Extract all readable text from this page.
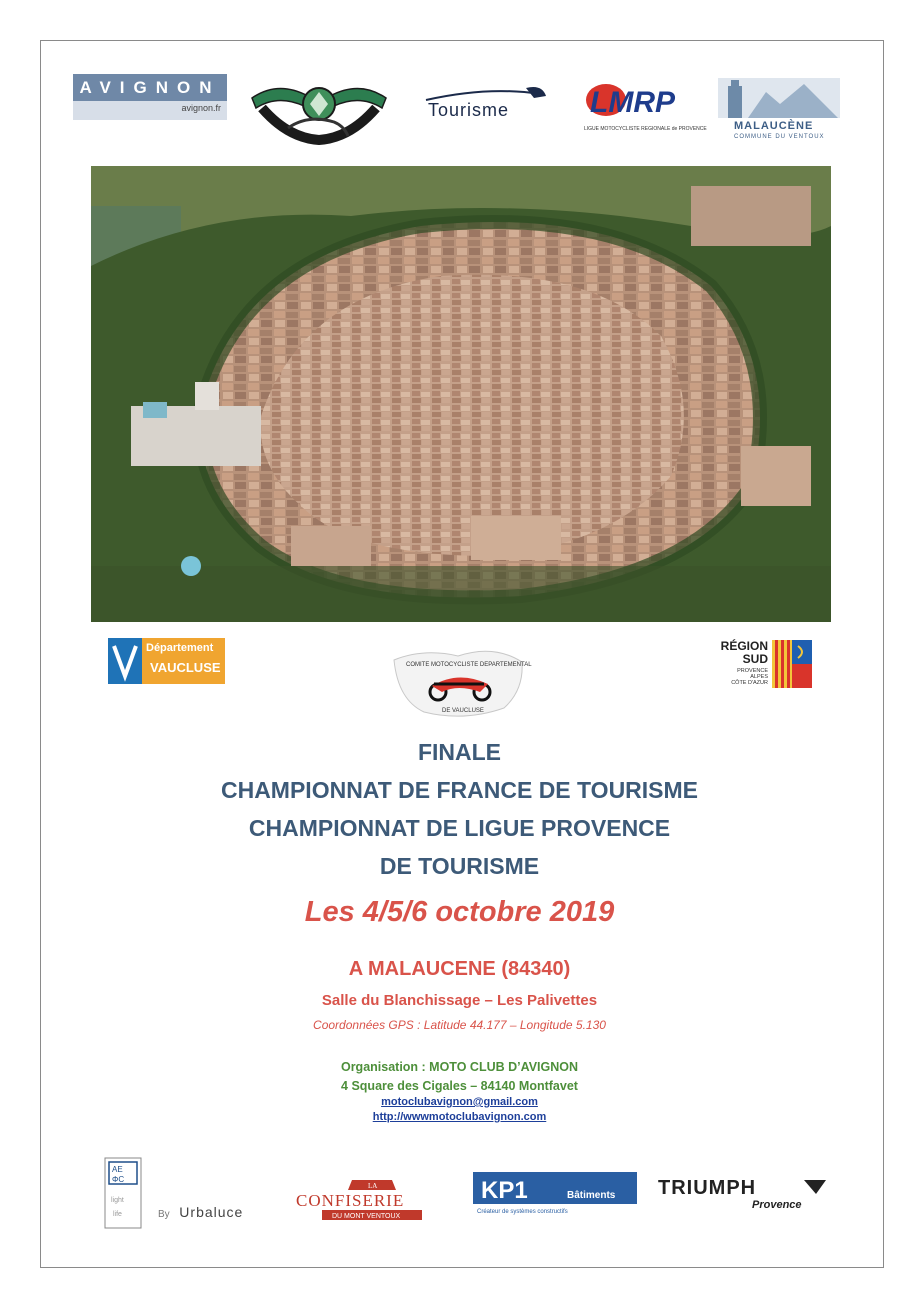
AVIGNON
avignon.fr	Tourisme	LMRP
LIGUE MOTOCYCLISTE REGIONALE de PROVENCE MALAUCÈNE
COMMUNE DU VENTOUX
Département
VAUCLUSE	COMITE MOTOCYCLISTE DEPARTEMENTAL
DE VAUCLUSE
RÉGION
SUD
PROVENCE
ALPES
CÔTE D'AZUR
FINALE
CHAMPIONNAT DE FRANCE DE TOURISME
CHAMPIONNAT DE LIGUE PROVENCE
DE TOURISME
Les 4/5/6 octobre 2019
A MALAUCENE (84340)
Salle du Blanchissage – Les Palivettes
Coordonnées GPS : Latitude 44.177 – Longitude 5.130
Organisation : MOTO CLUB D’AVIGNON
4 Square des Cigales – 84140 Montfavet
motoclubavignon@gmail.com
http://wwwmotoclubavignon.com
AE
ΦC
light
life	By Urbaluce
LA
CONFISERIE
DU MONT VENTOUX
KP1	Bâtiments
Créateur de systèmes constructifs
TRIUMPH
Provence
